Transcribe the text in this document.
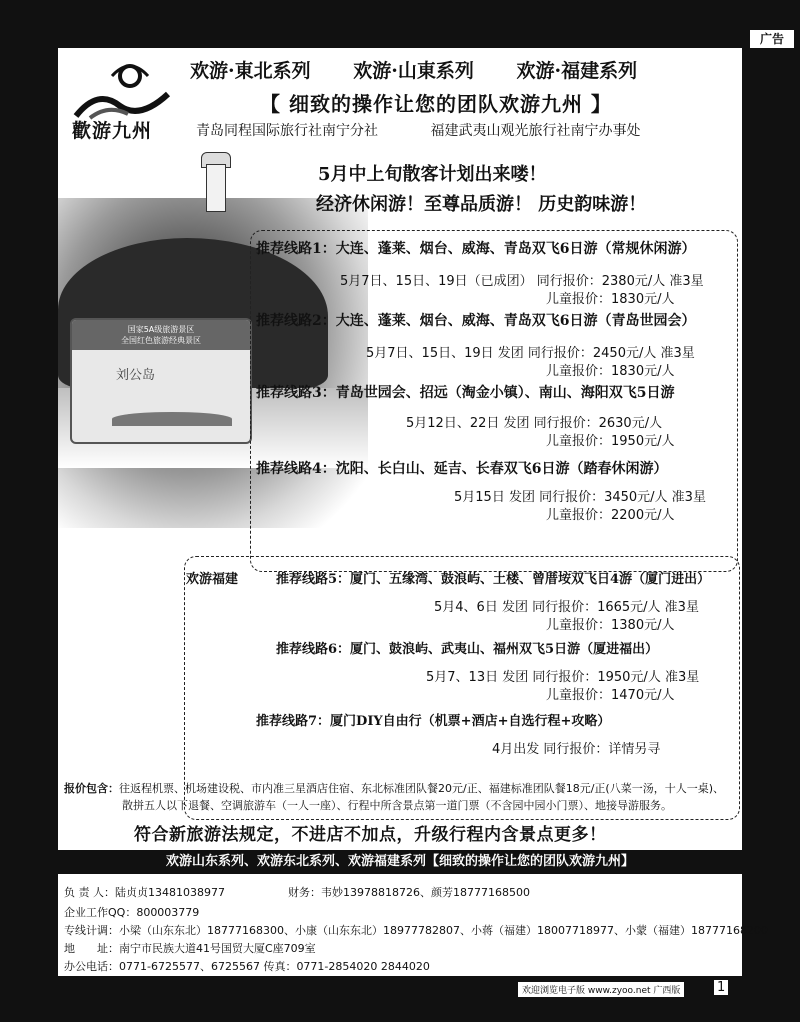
广告
国家5A级旅游景区
全国红色旅游经典景区
刘公岛
歡游九州
欢游·東北系列 欢游·山東系列 欢游·福建系列
【 细致的操作让您的团队欢游九州 】
青岛同程国际旅行社南宁分社	福建武夷山观光旅行社南宁办事处
5月中上旬散客计划出来喽！
经济休闲游！至尊品质游！ 历史韵味游！
推荐线路1：大连、蓬莱、烟台、威海、青岛双飞6日游（常规休闲游）
5月7日、15日、19日（已成团） 同行报价：2380元/人 准3星
儿童报价：1830元/人
推荐线路2：大连、蓬莱、烟台、威海、青岛双飞6日游（青岛世园会）
5月7日、15日、19日 发团 同行报价：2450元/人 准3星
儿童报价：1830元/人
推荐线路3：青岛世园会、招远（淘金小镇）、南山、海阳双飞5日游
5月12日、22日 发团 同行报价：2630元/人
儿童报价：1950元/人
推荐线路4：沈阳、长白山、延吉、长春双飞6日游（踏春休闲游）
5月15日 发团 同行报价：3450元/人 准3星
儿童报价：2200元/人
欢游福建	推荐线路5：厦门、五缘湾、鼓浪屿、土楼、曾厝垵双飞日4游（厦门进出）
5月4、6日 发团 同行报价：1665元/人 准3星
儿童报价：1380元/人
推荐线路6：厦门、鼓浪屿、武夷山、福州双飞5日游（厦进福出）
5月7、13日 发团 同行报价：1950元/人 准3星
儿童报价：1470元/人
推荐线路7：厦门DIY自由行（机票+酒店+自选行程+攻略）
4月出发 同行报价：详情另寻
报价包含：往返程机票、机场建设税、市内准三星酒店住宿、东北标准团队餐20元/正、福建标准团队餐18元/正(八菜一汤，十人一桌)、
散拼五人以下退餐、空调旅游车（一人一座）、行程中所含景点第一道门票（不含园中园小门票）、地接导游服务。
符合新旅游法规定，不进店不加点，升级行程内含景点更多！
欢游山东系列、欢游东北系列、欢游福建系列【细致的操作让您的团队欢游九州】
负 责 人：陆贞贞13481038977	财务：韦妙13978818726、颜芳18777168500
企业工作QQ：800003779
专线计调：小梁（山东东北）18777168300、小康（山东东北）18977782807、小蒋（福建）18007718977、小蒙（福建）18777168200
地　　址：南宁市民族大道41号国贸大厦C座709室
办公电话：0771-6725577、6725567 传真：0771-2854020 2844020
欢迎浏览电子版 www.zyoo.net 广西版	1
